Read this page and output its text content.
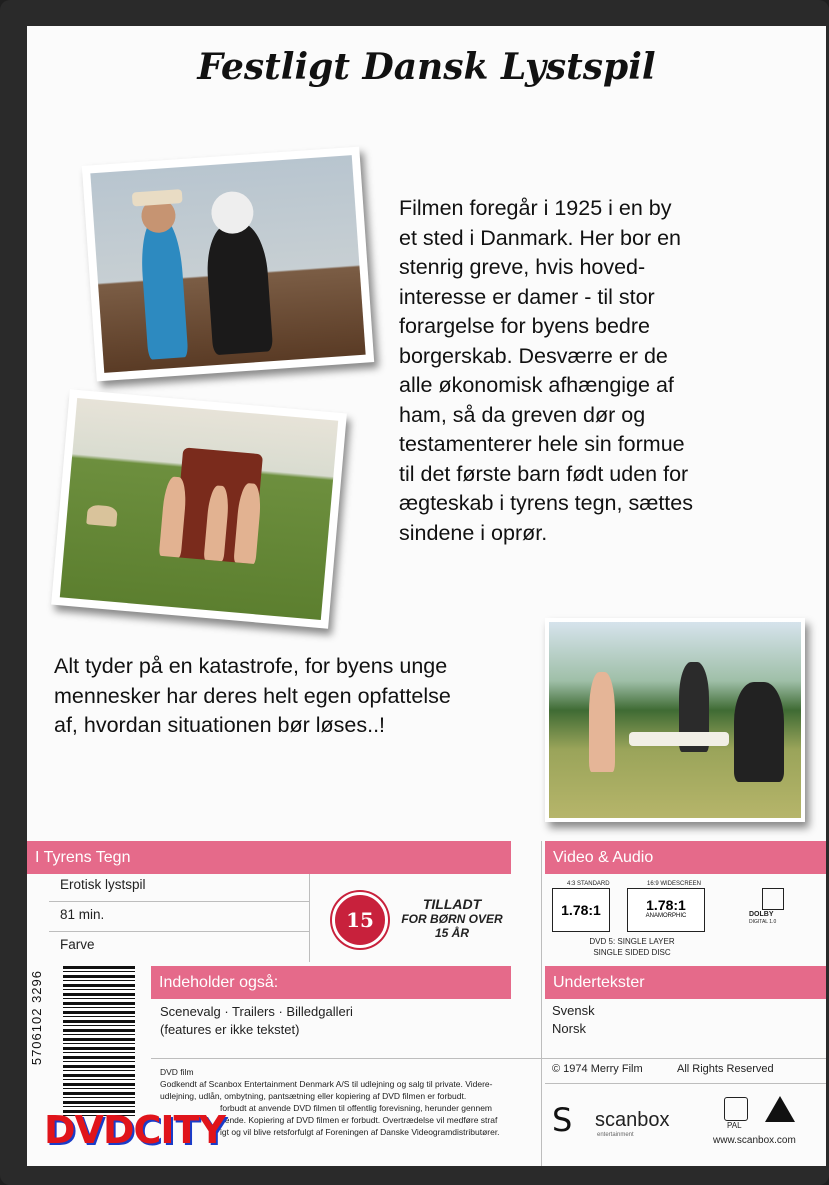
Festligt Dansk Lystspil
Filmen foregår i 1925 i en by
et sted i Danmark. Her bor en
stenrig greve, hvis hoved-
interesse er damer - til stor
forargelse for byens bedre
borgerskab. Desværre er de
alle økonomisk afhængige af
ham, så da greven dør og
testamenterer hele sin formue
til det første barn født uden for
ægteskab i tyrens tegn, sættes
sindene i oprør.
Alt tyder på en katastrofe, for byens unge
mennesker har deres helt egen opfattelse
af, hvordan situationen bør løses..!
I Tyrens Tegn	Video & Audio
Erotisk lystspil
81 min.
Farve
15
TILLADT
FOR BØRN OVER
15 ÅR
4:3 STANDARD
1.78:1
16:9 WIDESCREEN
1.78:1
ANAMORPHIC
DVD 5: SINGLE LAYER
SINGLE SIDED DISC
DOLBY
DIGITAL 1.0
Indeholder også:	Undertekster
Scenevalg · Trailers · Billedgalleri
(features er ikke tekstet)
Svensk
Norsk
5706102 3296
DVD film
Godkendt af Scanbox Entertainment Denmark A/S til udlejning og salg til private. Videre-
udlejning, udlån, ombytning, pantsætning eller kopiering af DVD filmen er forbudt.
forbudt at anvende DVD filmen til offentlig forevisning, herunder gennem
nende. Kopiering af DVD filmen er forbudt. Overtrædelse vil medføre straf
igt og vil blive retsforfulgt af Foreningen af Danske Videogramdistributører.
© 1974 Merry Film	All Rights Reserved
S scanbox
entertainment
PAL
www.scanbox.com
DVDCITY
